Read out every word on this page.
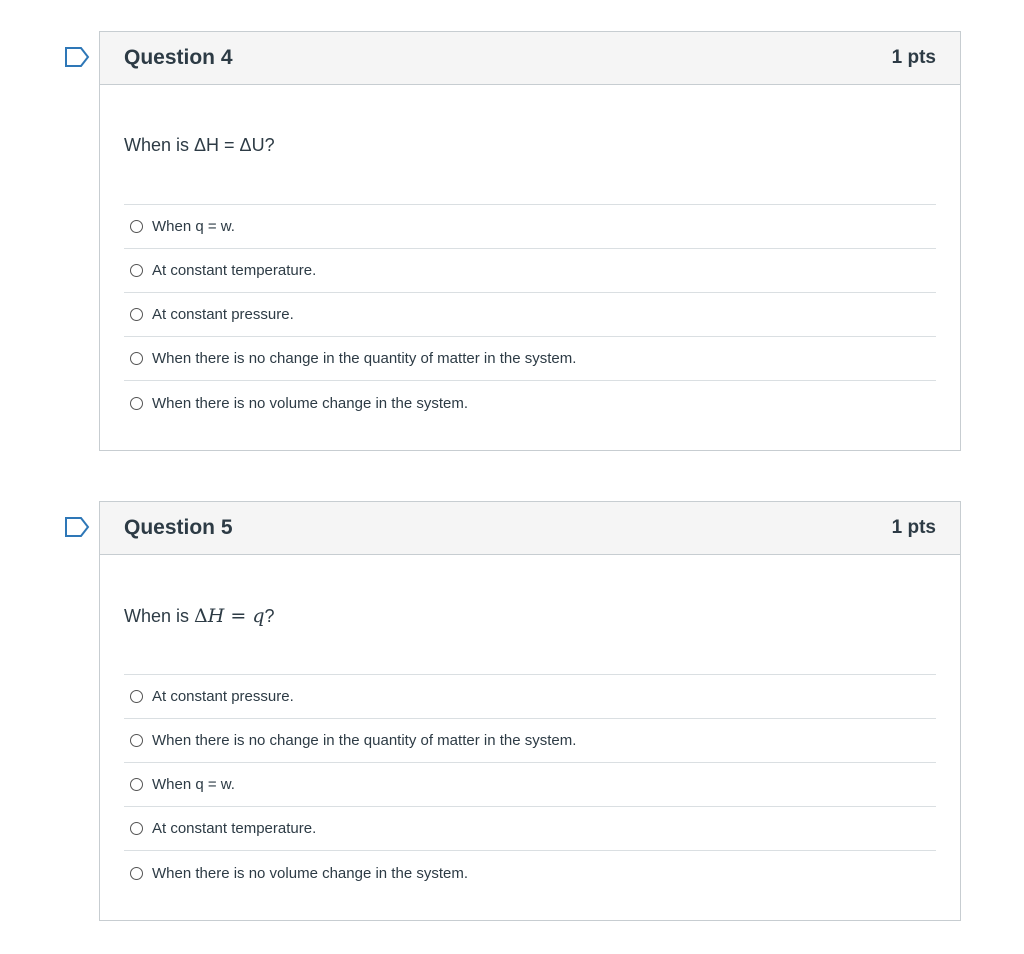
Question 4	1 pts
When is ΔH = ΔU?
When q = w.
At constant temperature.
At constant pressure.
When there is no change in the quantity of matter in the system.
When there is no volume change in the system.
Question 5	1 pts
When is ΔH = q?
At constant pressure.
When there is no change in the quantity of matter in the system.
When q = w.
At constant temperature.
When there is no volume change in the system.
